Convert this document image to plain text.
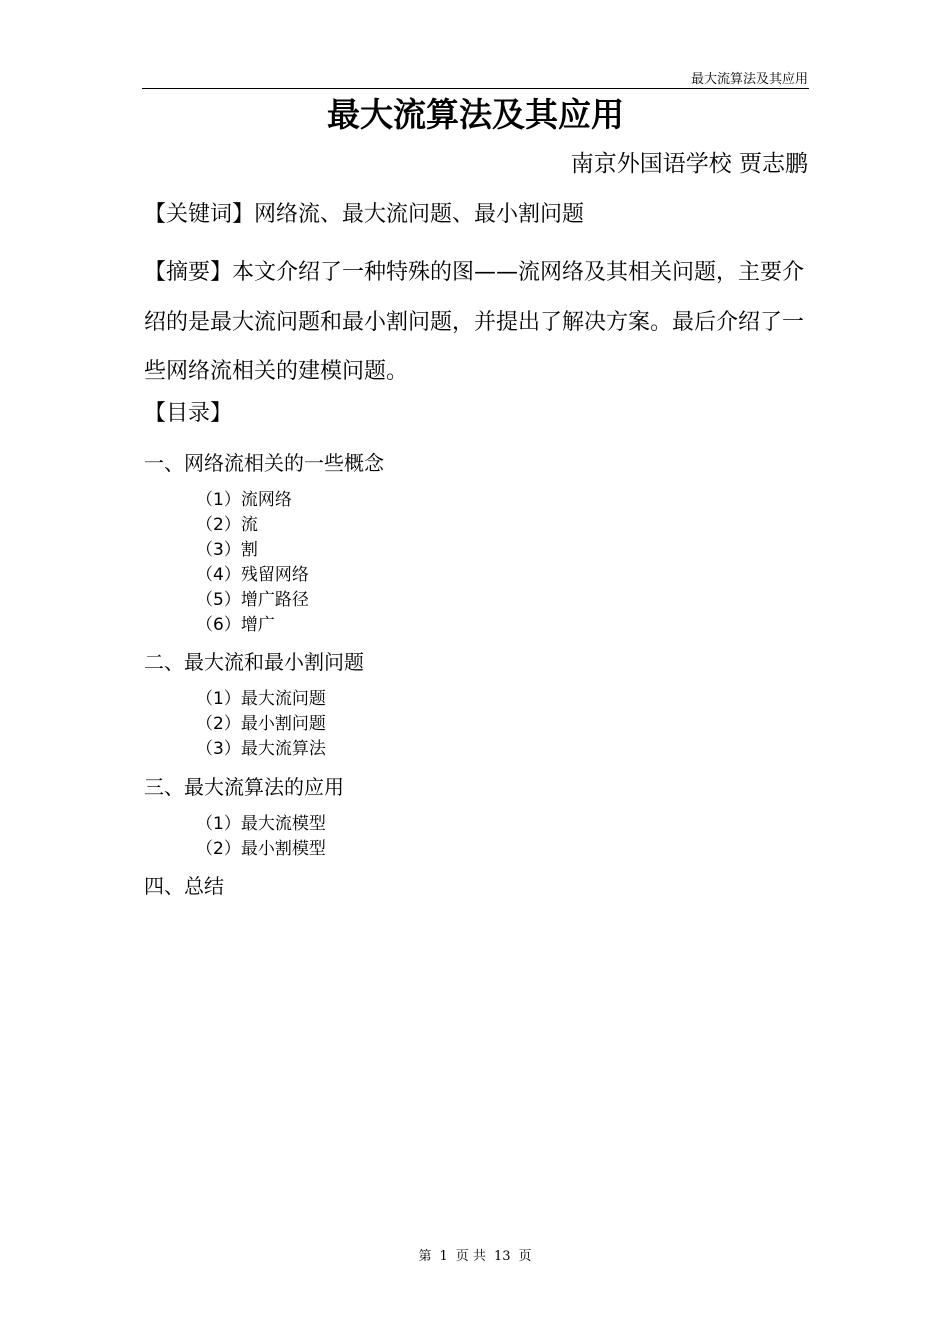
最大流算法及其应用
最大流算法及其应用
南京外国语学校 贾志鹏
【关键词】网络流、最大流问题、最小割问题
【摘要】本文介绍了一种特殊的图——流网络及其相关问题，主要介绍的是最大流问题和最小割问题，并提出了解决方案。最后介绍了一些网络流相关的建模问题。
【目录】
一、网络流相关的一些概念
（1）流网络
（2）流
（3）割
（4）残留网络
（5）增广路径
（6）增广
二、最大流和最小割问题
（1）最大流问题
（2）最小割问题
（3）最大流算法
三、最大流算法的应用
（1）最大流模型
（2）最小割模型
四、总结
第 1 页 共 13 页
